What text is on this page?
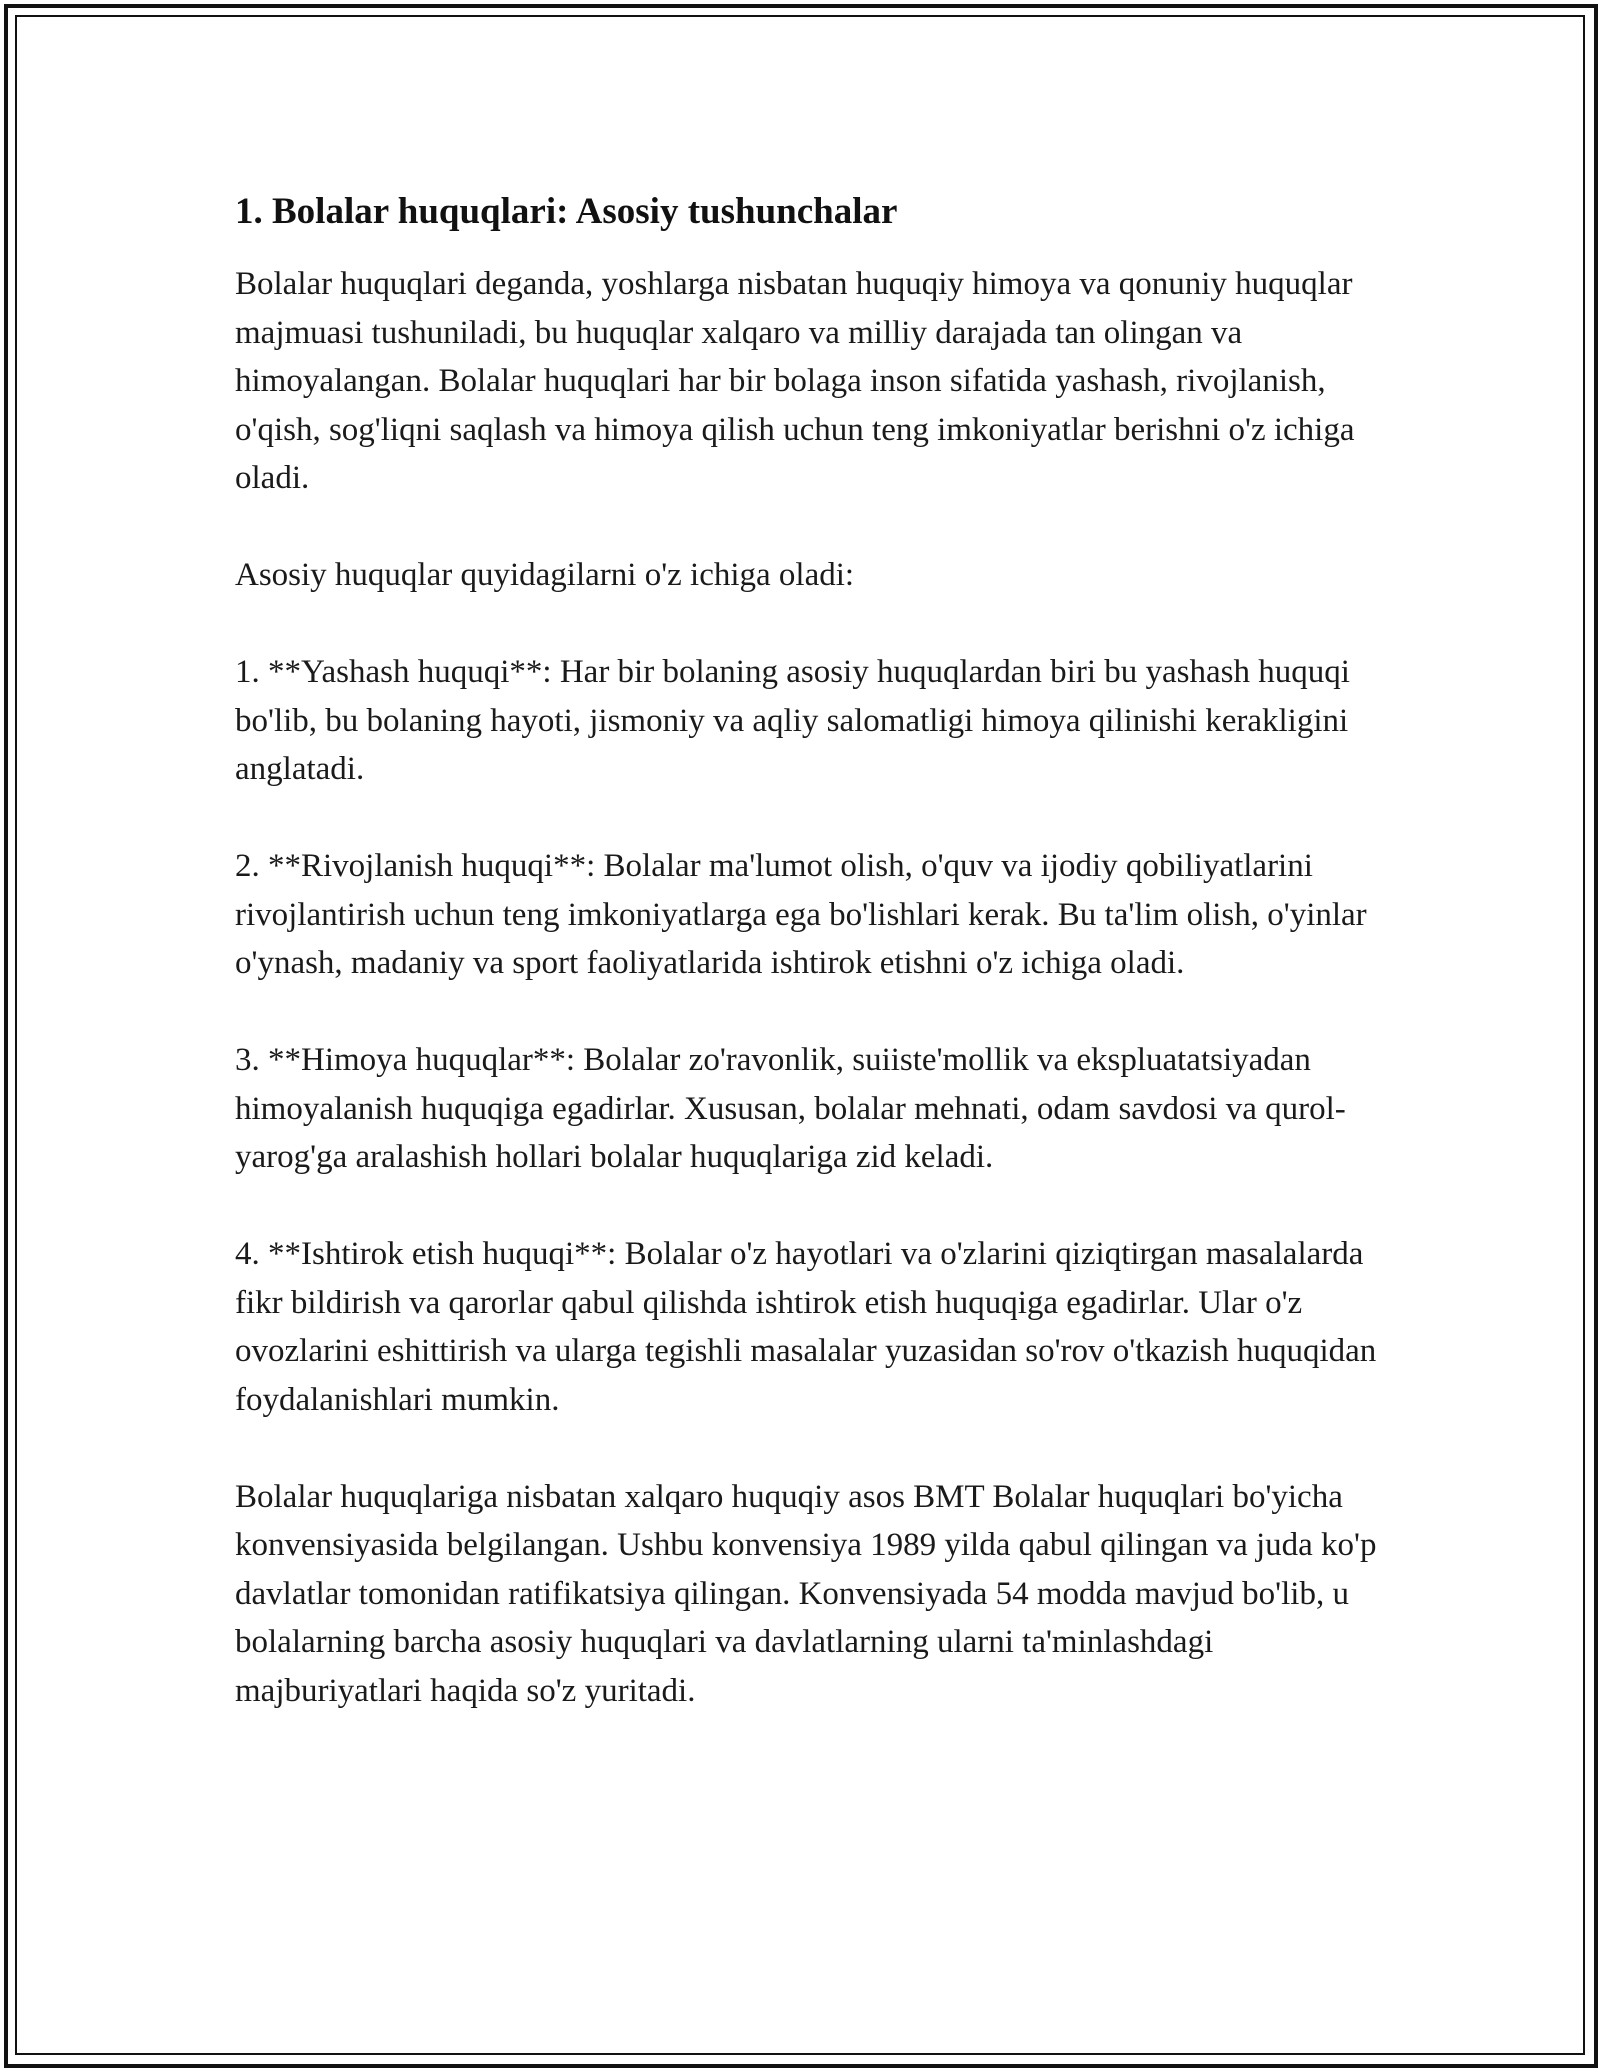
1. Bolalar huquqlari: Asosiy tushunchalar

Bolalar huquqlari deganda, yoshlarga nisbatan huquqiy himoya va qonuniy huquqlar majmuasi tushuniladi, bu huquqlar xalqaro va milliy darajada tan olingan va himoyalangan. Bolalar huquqlari har bir bolaga inson sifatida yashash, rivojlanish, o'qish, sog'liqni saqlash va himoya qilish uchun teng imkoniyatlar berishni o'z ichiga oladi.

Asosiy huquqlar quyidagilarni o'z ichiga oladi:

1. **Yashash huquqi**: Har bir bolaning asosiy huquqlardan biri bu yashash huquqi bo'lib, bu bolaning hayoti, jismoniy va aqliy salomatligi himoya qilinishi kerakligini anglatadi.

2. **Rivojlanish huquqi**: Bolalar ma'lumot olish, o'quv va ijodiy qobiliyatlarini rivojlantirish uchun teng imkoniyatlarga ega bo'lishlari kerak. Bu ta'lim olish, o'yinlar o'ynash, madaniy va sport faoliyatlarida ishtirok etishni o'z ichiga oladi.

3. **Himoya huquqlar**: Bolalar zo'ravonlik, suiiste'mollik va ekspluatatsiyadan himoyalanish huquqiga egadirlar. Xususan, bolalar mehnati, odam savdosi va qurol-yarog'ga aralashish hollari bolalar huquqlariga zid keladi.

4. **Ishtirok etish huquqi**: Bolalar o'z hayotlari va o'zlarini qiziqtirgan masalalarda fikr bildirish va qarorlar qabul qilishda ishtirok etish huquqiga egadirlar. Ular o'z ovozlarini eshittirish va ularga tegishli masalalar yuzasidan so'rov o'tkazish huquqidan foydalanishlari mumkin.

Bolalar huquqlariga nisbatan xalqaro huquqiy asos BMT Bolalar huquqlari bo'yicha konvensiyasida belgilangan. Ushbu konvensiya 1989 yilda qabul qilingan va juda ko'p davlatlar tomonidan ratifikatsiya qilingan. Konvensiyada 54 modda mavjud bo'lib, u bolalarning barcha asosiy huquqlari va davlatlarning ularni ta'minlashdagi majburiyatlari haqida so'z yuritadi.
